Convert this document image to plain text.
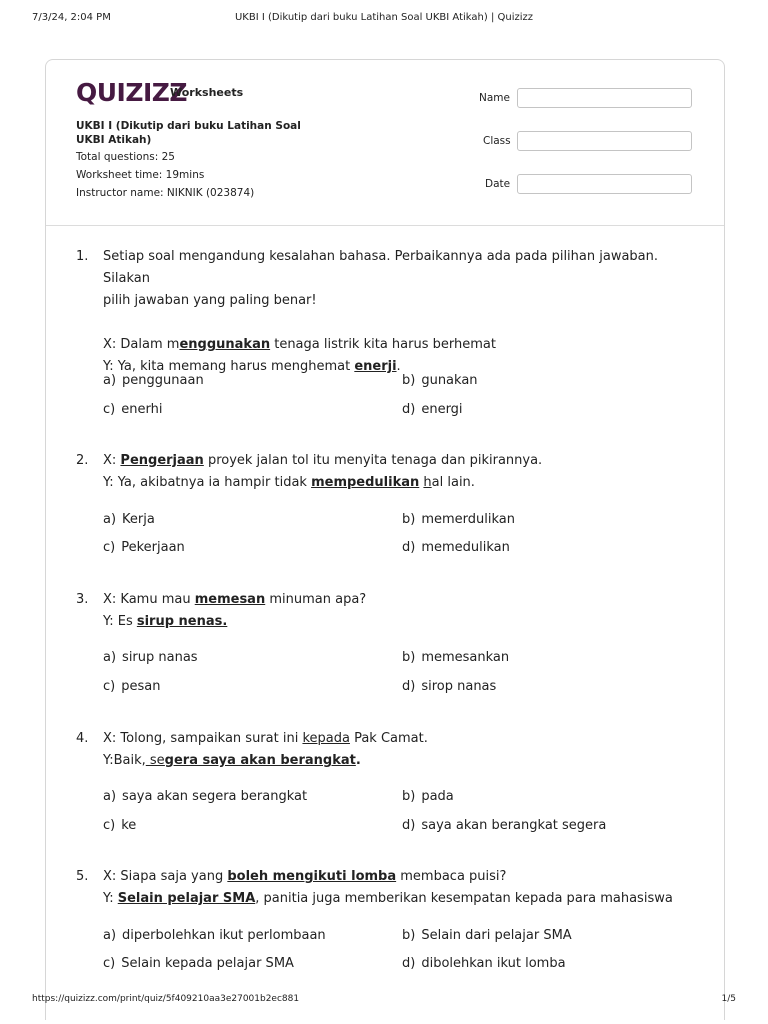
7/3/24, 2:04 PM	UKBI I (Dikutip dari buku Latihan Soal UKBI Atikah) | Quizizz
QUIZIZZ
Worksheets
UKBI I (Dikutip dari buku Latihan Soal UKBI Atikah)
Total questions: 25
Worksheet time: 19mins
Instructor name: NIKNIK (023874)
Name
Class
Date
1. Setiap soal mengandung kesalahan bahasa. Perbaikannya ada pada pilihan jawaban. Silakan
pilih jawaban yang paling benar!
X: Dalam menggunakan tenaga listrik kita harus berhemat
Y: Ya, kita memang harus menghemat enerji.
a) penggunaan	b) gunakan
c) enerhi	d) energi
2. X: Pengerjaan proyek jalan tol itu menyita tenaga dan pikirannya.
Y: Ya, akibatnya ia hampir tidak mempedulikan hal lain.
a) Kerja	b) memerdulikan
c) Pekerjaan	d) memedulikan
3. X: Kamu mau memesan minuman apa?
Y: Es sirup nenas.
a) sirup nanas	b) memesankan
c) pesan	d) sirop nanas
4. X: Tolong, sampaikan surat ini kepada Pak Camat.
Y:Baik, segera saya akan berangkat.
a) saya akan segera berangkat	b) pada
c) ke	d) saya akan berangkat segera
5. X: Siapa saja yang boleh mengikuti lomba membaca puisi?
Y: Selain pelajar SMA, panitia juga memberikan kesempatan kepada para mahasiswa
a) diperbolehkan ikut perlombaan	b) Selain dari pelajar SMA
c) Selain kepada pelajar SMA	d) dibolehkan ikut lomba
https://quizizz.com/print/quiz/5f409210aa3e27001b2ec881	1/5
